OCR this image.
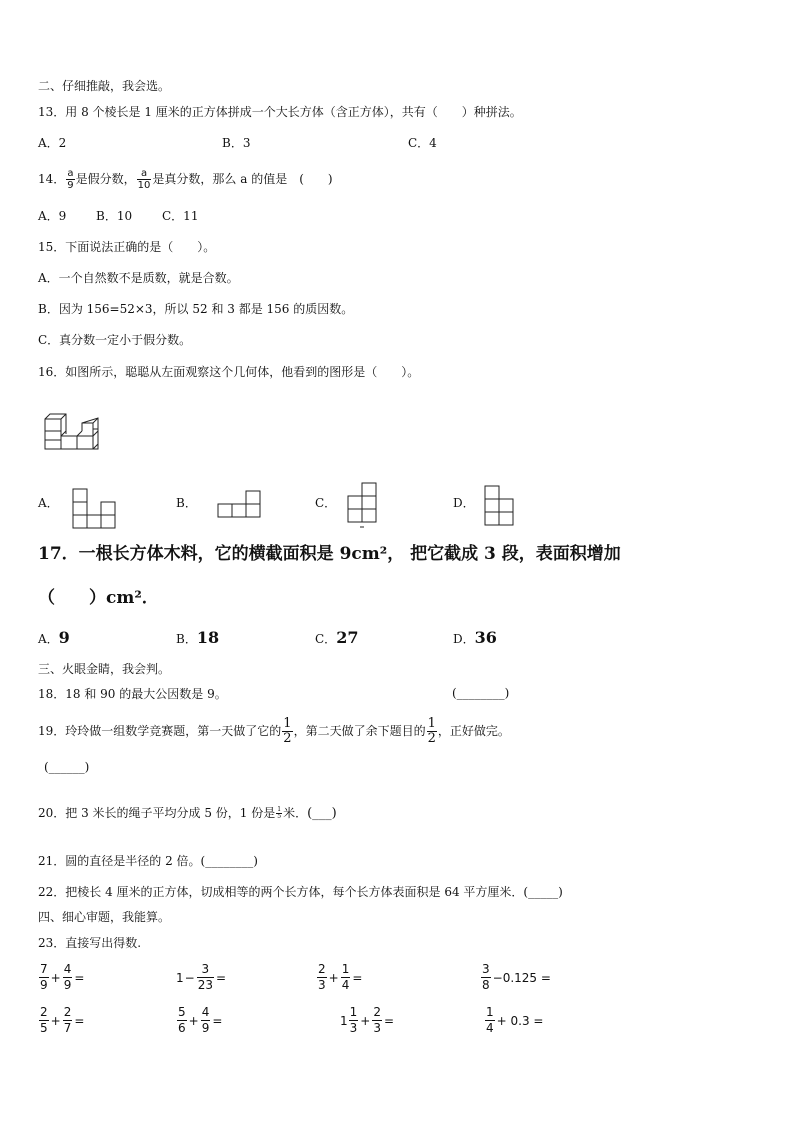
二、仔细推敲，我会选。
13．用 8 个棱长是 1 厘米的正方体拼成一个大长方体（含正方体），共有（　　）种拼法。
A．2	B．3	C．4
14． $\frac{a}{9}$ 是假分数， $\frac{a}{10}$ 是真分数，那么 a 的值是　(　　)
A．9 B．10 C．11
15．下面说法正确的是（　　）。
A．一个自然数不是质数，就是合数。
B．因为 156=52×3，所以 52 和 3 都是 156 的质因数。
C．真分数一定小于假分数。
16．如图所示，聪聪从左面观察这个几何体，他看到的图形是（　　）。
A．	B．	C．	D．
17．一根长方体木料，它的横截面积是 9cm²， 把它截成 3 段，表面积增加
（　　）cm²．
A．9	B．18	C．27	D．36
三、火眼金睛，我会判。
18．18 和 90 的最大公因数是 9。	(________)
19．玲玲做一组数学竞赛题，第一天做了它的 $\frac{1}{2}$ ，第二天做了余下题目的 $\frac{1}{2}$ ，正好做完。
(______)
20．把 3 米长的绳子平均分成 5 份，1 份是 $\frac{1}{5}$ 米．(___)
21．圆的直径是半径的 2 倍。(________)
22．把棱长 4 厘米的正方体，切成相等的两个长方体，每个长方体表面积是 64 平方厘米．(_____)
四、细心审题，我能算。
23．直接写出得数.
$\frac{7}{9} + \frac{4}{9}$ =	$1 - \frac{3}{23}$ =	$\frac{2}{3} + \frac{1}{4}$ =	$\frac{3}{8} -0.125$ =
$\frac{2}{5} + \frac{2}{7}$ =	$\frac{5}{6} + \frac{4}{9}$ =	$1 \frac{1}{3} + \frac{2}{3}$ =	$\frac{1}{4} + 0.3$ =
